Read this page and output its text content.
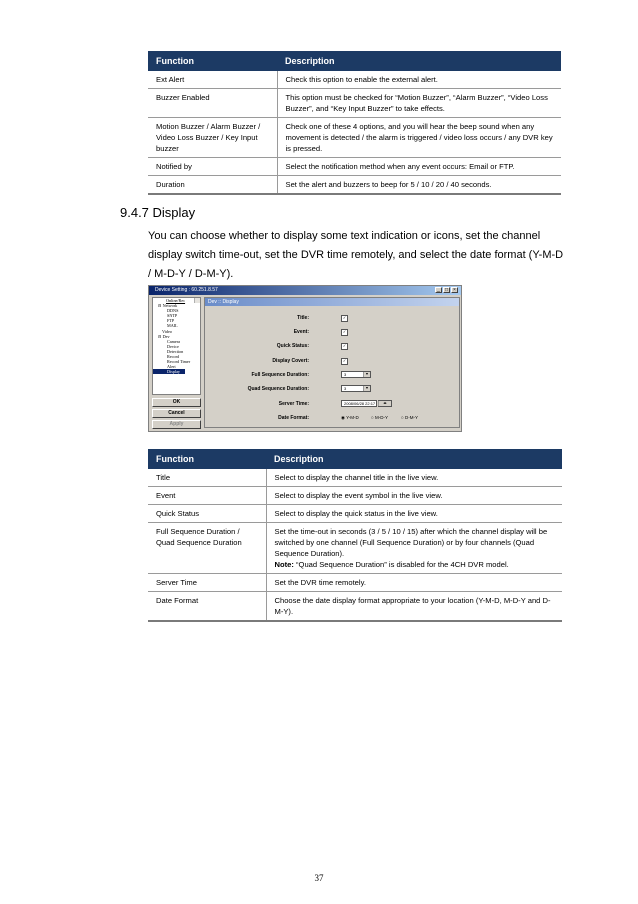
Function	Description
Ext Alert	Check this option to enable the external alert.
Buzzer Enabled	This option must be checked for “Motion Buzzer”, “Alarm Buzzer”, “Video Loss Buzzer”, and “Key Input Buzzer” to take effects.
Motion Buzzer / Alarm Buzzer / Video Loss Buzzer / Key Input buzzer	Check one of these 4 options, and you will hear the beep sound when any movement is detected / the alarm is triggered / video loss occurs / any DVR key is pressed.
Notified by	Select the notification method when any event occurs: Email or FTP.
Duration	Set the alert and buzzers to beep for 5 / 10 / 20 / 40 seconds.
9.4.7 Display
You can choose whether to display some text indication or icons, set the channel display switch time-out, set the DVR time remotely, and select the date format (Y-M-D / M-D-Y / D-M-Y).
Device Setting : 60.251.8.57	_	□	×
Online/Rec
⊟ Network
DDNS
SNTP
FTP
MAIL
Video
⊟ Dev
Camera
Device
Detection
Record
Record Timer
Alert
Display
OK
Cancel
Apply
Dev :: Display
Title:	✓
Event:	✓
Quick Status:	✓
Display Covert:	✓
Full Sequence Duration:	3	▼
Quad Sequence Duration:	3	▼
Server Time:	2008/06/28 22:17	◂▸
Date Format:	◉ Y-M-D	○ M-D-Y	○ D-M-Y
Function	Description
Title	Select to display the channel title in the live view.
Event	Select to display the event symbol in the live view.
Quick Status	Select to display the quick status in the live view.
Full Sequence Duration / Quad Sequence Duration	Set the time-out in seconds (3 / 5 / 10 / 15) after which the channel display will be switched by one channel (Full Sequence Duration) or by four channels (Quad Sequence Duration).
Note: “Quad Sequence Duration” is disabled for the 4CH DVR model.
Server Time	Set the DVR time remotely.
Date Format	Choose the date display format appropriate to your location (Y-M-D, M-D-Y and D-M-Y).
37
